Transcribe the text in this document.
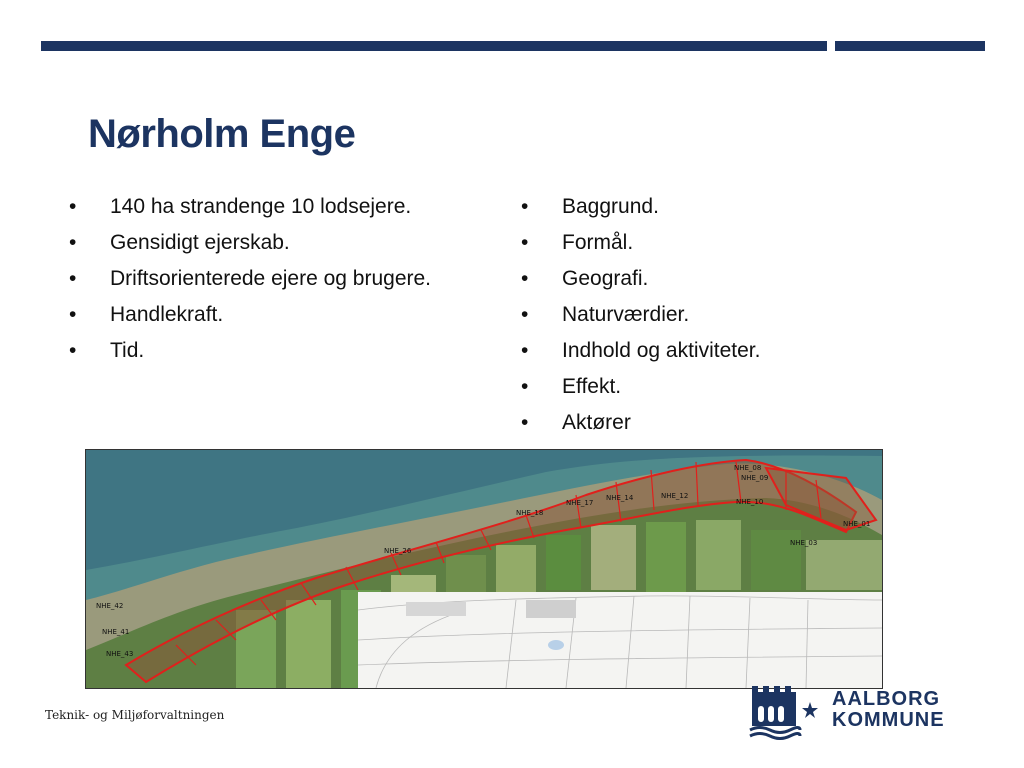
Nørholm Enge
• 140 ha strandenge 10 lodsejere.
• Gensidigt ejerskab.
• Driftsorienterede ejere og brugere.
• Handlekraft.
• Tid.
• Baggrund.
• Formål.
• Geografi.
• Naturværdier.
• Indhold og aktiviteter.
• Effekt.
• Aktører
NHE_08
NHE_09
NHE_10
NHE_01
NHE_03
NHE_12
NHE_14
NHE_17
NHE_18
NHE_26
NHE_42
NHE_41
NHE_43
Teknik- og Miljøforvaltningen
AALBORG
KOMMUNE
